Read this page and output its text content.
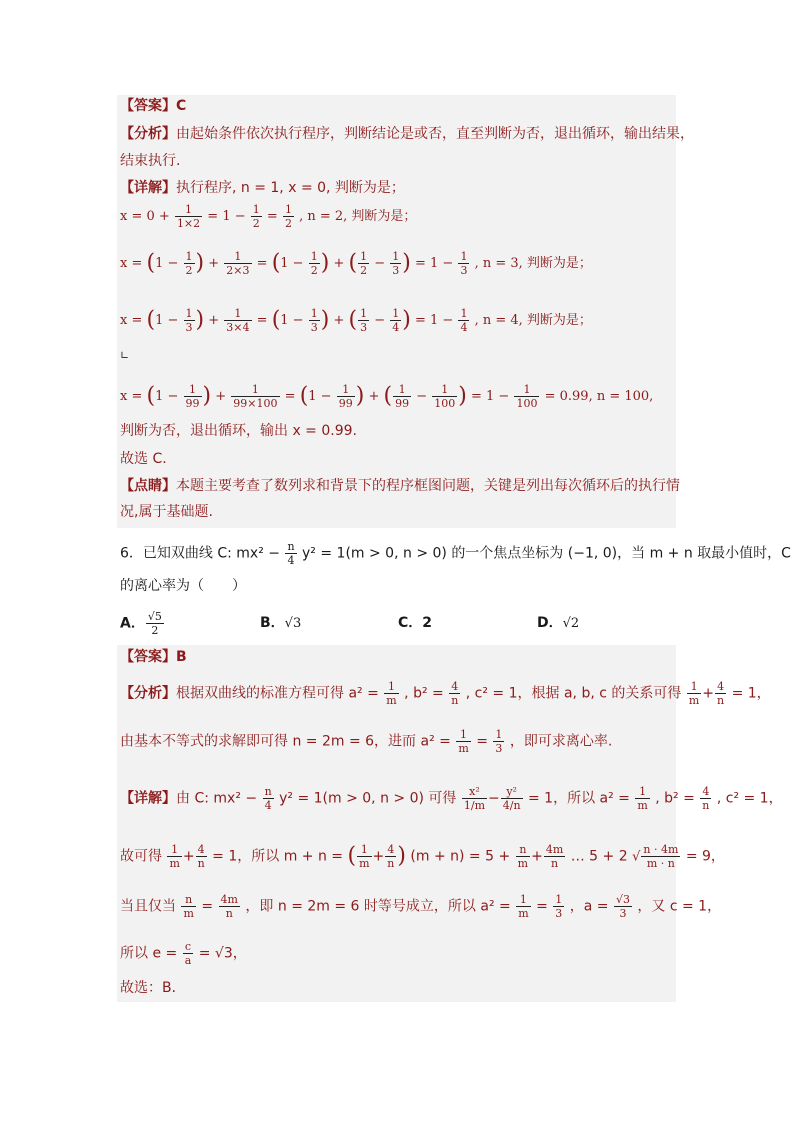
【答案】C
【分析】由起始条件依次执行程序，判断结论是或否，直至判断为否，退出循环，输出结果，
结束执行.
【详解】执行程序, n = 1, x = 0, 判断为是；
$x = 0 + \frac{1}{1\times 2} = 1 - \frac{1}{2} = \frac{1}{2}$ , n = 2, 判断为是；
$x = (1 - \frac{1}{2}$ ) + $\frac{1}{2\times 3} = (1 - \frac{1}{2}$ ) + ( $\frac{1}{2} - \frac{1}{3}$ ) = $1 - \frac{1}{3}$ , n = 3, 判断为是；
$x = (1 - \frac{1}{3}$ ) + $\frac{1}{3\times 4} = (1 - \frac{1}{3}$ ) + ( $\frac{1}{3} - \frac{1}{4}$ ) = $1 - \frac{1}{4}$ , n = 4, 判断为是；
∟
$x = (1 - \frac{1}{99}$ ) + $\frac{1}{99\times 100} = (1 - \frac{1}{99}$ ) + ( $\frac{1}{99} - \frac{1}{100}$ ) = $1 - \frac{1}{100} = 0.99$, n = 100,
判断为否，退出循环，输出 x = 0.99.
故选 C.
【点睛】本题主要考查了数列求和背景下的程序框图问题，关键是列出每次循环后的执行情
况,属于基础题.
6．已知双曲线 C: $mx^2 - \frac{n}{4} y^2 = 1(m > 0$, n > 0) 的一个焦点坐标为 (−1, 0)，当 m + n 取最小值时，C
的离心率为（　　）
A． $\frac{√5}{2}$	B．√3	C．2	D．√2
【答案】B
【分析】根据双曲线的标准方程可得 $a^2 = \frac{1}{m}$ , $b^2 = \frac{4}{n}$ , c² = 1，根据 a, b, c 的关系可得 $\frac{1}{m} + \frac{4}{n} = 1$，
由基本不等式的求解即可得 n = 2m = 6，进而 $a^2 = \frac{1}{m} = \frac{1}{3}$ ，即可求离心率.
【详解】由 C: $mx^2 - \frac{n}{4} y^2 = 1(m > 0$, n > 0) 可得 $\frac{\text{x²}}{1/m} - \frac{\text{y²}}{4/n} = 1$，所以 $a^2 = \frac{1}{m}$ , $b^2 = \frac{4}{n}$ , c² = 1，
故可得 $\frac{1}{m} + \frac{4}{n} = 1$，所以 m + n = ( $\frac{1}{m} + \frac{4}{n}$ ) $(m + n) = 5 + \frac{n}{m} + \frac{4m}{n}$ … 5 + 2 √ $\frac{n \cdot 4m}{m \cdot n} = 9$，
当且仅当 $\frac{n}{m} = \frac{4m}{n}$ ，即 n = 2m = 6 时等号成立，所以 $a^2 = \frac{1}{m} = \frac{1}{3}$ ，$a = \frac{√3}{3}$ ，又 c = 1，
所以 $e = \frac{c}{a} = √3$，
故选：B．
